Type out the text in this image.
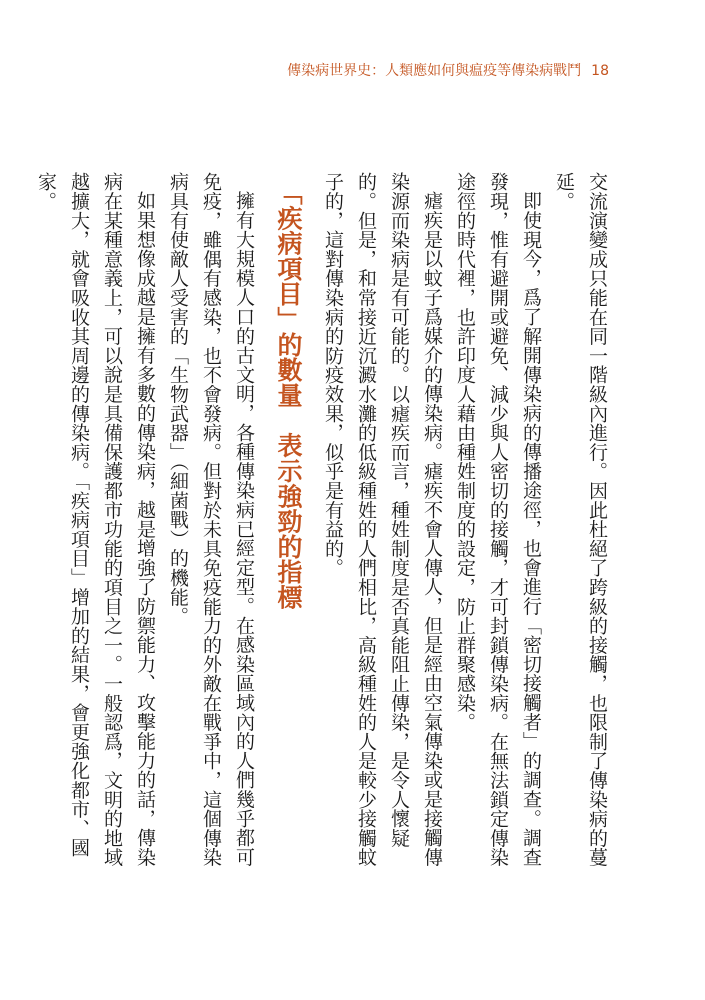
傳染病世界史：人類應如何與瘟疫等傳染病戰鬥 18

交流演變成只能在同一階級內進行。因此杜絕了跨級的接觸，也限制了傳染病的蔓延。

即使現今，爲了解開傳染病的傳播途徑，也會進行「密切接觸者」的調查。調查發現，惟有避開或避免、減少與人密切的接觸，才可封鎖傳染病。在無法鎖定傳染途徑的時代裡，也許印度人藉由種姓制度的設定，防止群聚感染。

瘧疾是以蚊子爲媒介的傳染病。瘧疾不會人傳人，但是經由空氣傳染或是接觸傳染源而染病是有可能的。以瘧疾而言，種姓制度是否真能阻止傳染，是令人懷疑的。但是，和常接近沉澱水灘的低級種姓的人們相比，高級種姓的人是較少接觸蚊子的，這對傳染病的防疫效果，似乎是有益的。

「疾病項目」的數量表示強勁的指標

擁有大規模人口的古文明，各種傳染病已經定型。在感染區域內的人們幾乎都可免疫，雖偶有感染，也不會發病。但對於未具免疫能力的外敵在戰爭中，這個傳染病具有使敵人受害的「生物武器」（細菌戰）的機能。

如果想像成越是擁有多數的傳染病，越是增強了防禦能力、攻擊能力的話，傳染病在某種意義上，可以說是具備保護都市功能的項目之一。一般認爲，文明的地域越擴大，就會吸收其周邊的傳染病。「疾病項目」增加的結果，會更強化都市、國家。
